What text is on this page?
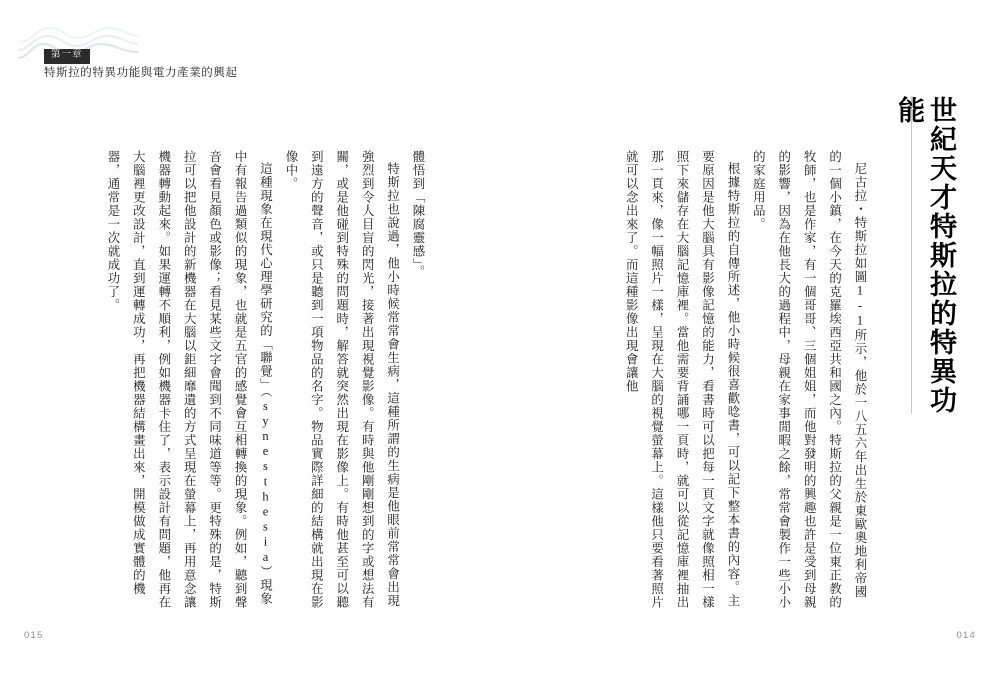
第一章
特斯拉的特異功能與電力產業的興起
世紀天才特斯拉的特異功能

尼古拉・特斯拉如圖1-1所示，他於一八五六年出生於東歐奧地利帝國的一個小鎮，在今天的克羅埃西亞共和國之內。特斯拉的父親是一位東正教的牧師，也是作家，有一個哥哥、三個姐姐，而他對發明的興趣也許是受到母親的影響，因為在他長大的過程中，母親在家事閒暇之餘，常常會製作一些小小的家庭用品。

根據特斯拉的自傳所述，他小時候很喜歡唸書，可以記下整本書的內容。主要原因是他大腦具有影像記憶的能力，看書時可以把每一頁文字就像照相一樣照下來儲存在大腦記憶庫裡。當他需要背誦哪一頁時，就可以從記憶庫裡抽出那一頁來，像一幅照片一樣，呈現在大腦的視覺螢幕上。這樣他只要看著照片就可以念出來了。而這種影像出現會讓他

體悟到「陳腐靈感」。

特斯拉也說過，他小時候常常會生病，這種所謂的生病是他眼前常常會出現強烈到令人目盲的閃光，接著出現視覺影像。有時與他剛剛想到的字或想法有關，或是他碰到特殊的問題時，解答就突然出現在影像上。有時他甚至可以聽到遠方的聲音，或只是聽到一項物品的名字。物品實際詳細的結構就出現在影像中。

這種現象在現代心理學研究的「聯覺」（synesthesia）現象中有報告過類似的現象，也就是五官的感覺會互相轉換的現象。例如，聽到聲音會看見顏色或影像；看見某些文字會聞到不同味道等等。更特殊的是，特斯拉可以把他設計的新機器在大腦以鉅細靡遺的方式呈現在螢幕上，再用意念讓機器轉動起來。如果運轉不順利，例如機器卡住了，表示設計有問題，他再在大腦裡更改設計，直到運轉成功，再把機器結構畫出來，開模做成實體的機器，通常是一次就成功了。

015	014
